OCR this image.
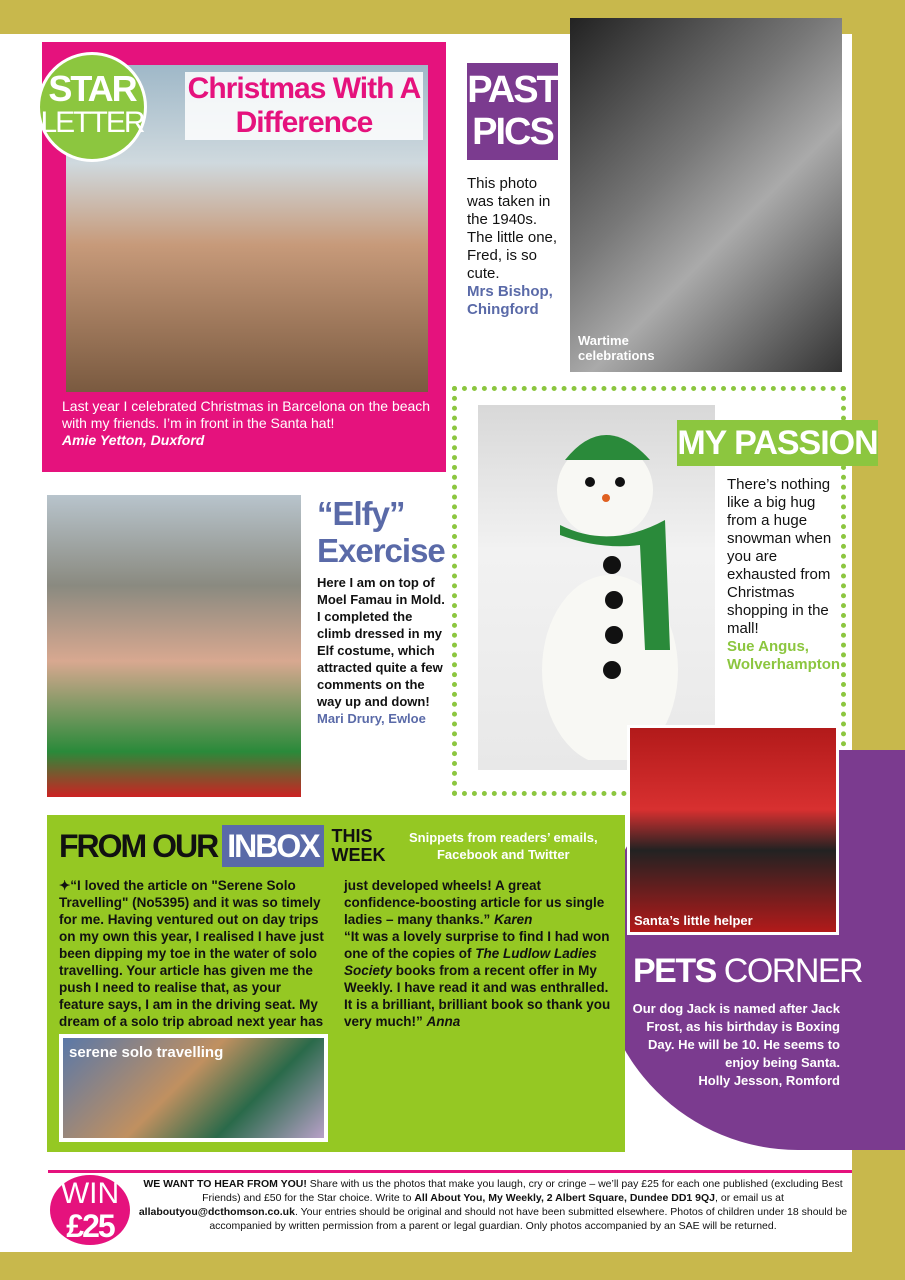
Christmas With A Difference
STAR
LETTER
Last year I celebrated Christmas in Barcelona on the beach with my friends. I’m in front in the Santa hat!
Amie Yetton, Duxford
PAST
PICS
This photo was taken in the 1940s. The little one, Fred, is so cute.
Mrs Bishop, Chingford
Wartime celebrations
MY PASSION
There’s nothing like a big hug from a huge snowman when you are exhausted from Christmas shopping in the mall!
Sue Angus, Wolverhampton
“Elfy”
Exercise
Here I am on top of Moel Famau in Mold. I completed the climb dressed in my Elf costume, which attracted quite a few comments on the way up and down!
Mari Drury, Ewloe
FROM OUR INBOX THIS
WEEK
Snippets from readers’ emails, Facebook and Twitter
✦“I loved the article on "Serene Solo Travelling" (No5395) and it was so timely for me. Having ventured out on day trips on my own this year, I realised I have just been dipping my toe in the water of solo travelling. Your article has given me the push I need to realise that, as your feature says, I am in the driving seat. My dream of a solo trip abroad next year has
serene solo travelling
just developed wheels! A great confidence-boosting article for us single ladies – many thanks.” Karen
“It was a lovely surprise to find I had won one of the copies of The Ludlow Ladies Society books from a recent offer in My Weekly. I have read it and was enthralled. It is a brilliant, brilliant book so thank you very much!” Anna
Santa’s little helper
PETS CORNER
Our dog Jack is named after Jack Frost, as his birthday is Boxing Day. He will be 10. He seems to enjoy being Santa.
Holly Jesson, Romford
WIN
£25
WE WANT TO HEAR FROM YOU! Share with us the photos that make you laugh, cry or cringe – we’ll pay £25 for each one published (excluding Best Friends) and £50 for the Star choice. Write to All About You, My Weekly, 2 Albert Square, Dundee DD1 9QJ, or email us at allaboutyou@dcthomson.co.uk. Your entries should be original and should not have been submitted elsewhere. Photos of children under 18 should be accompanied by written permission from a parent or legal guardian. Only photos accompanied by an SAE will be returned.
